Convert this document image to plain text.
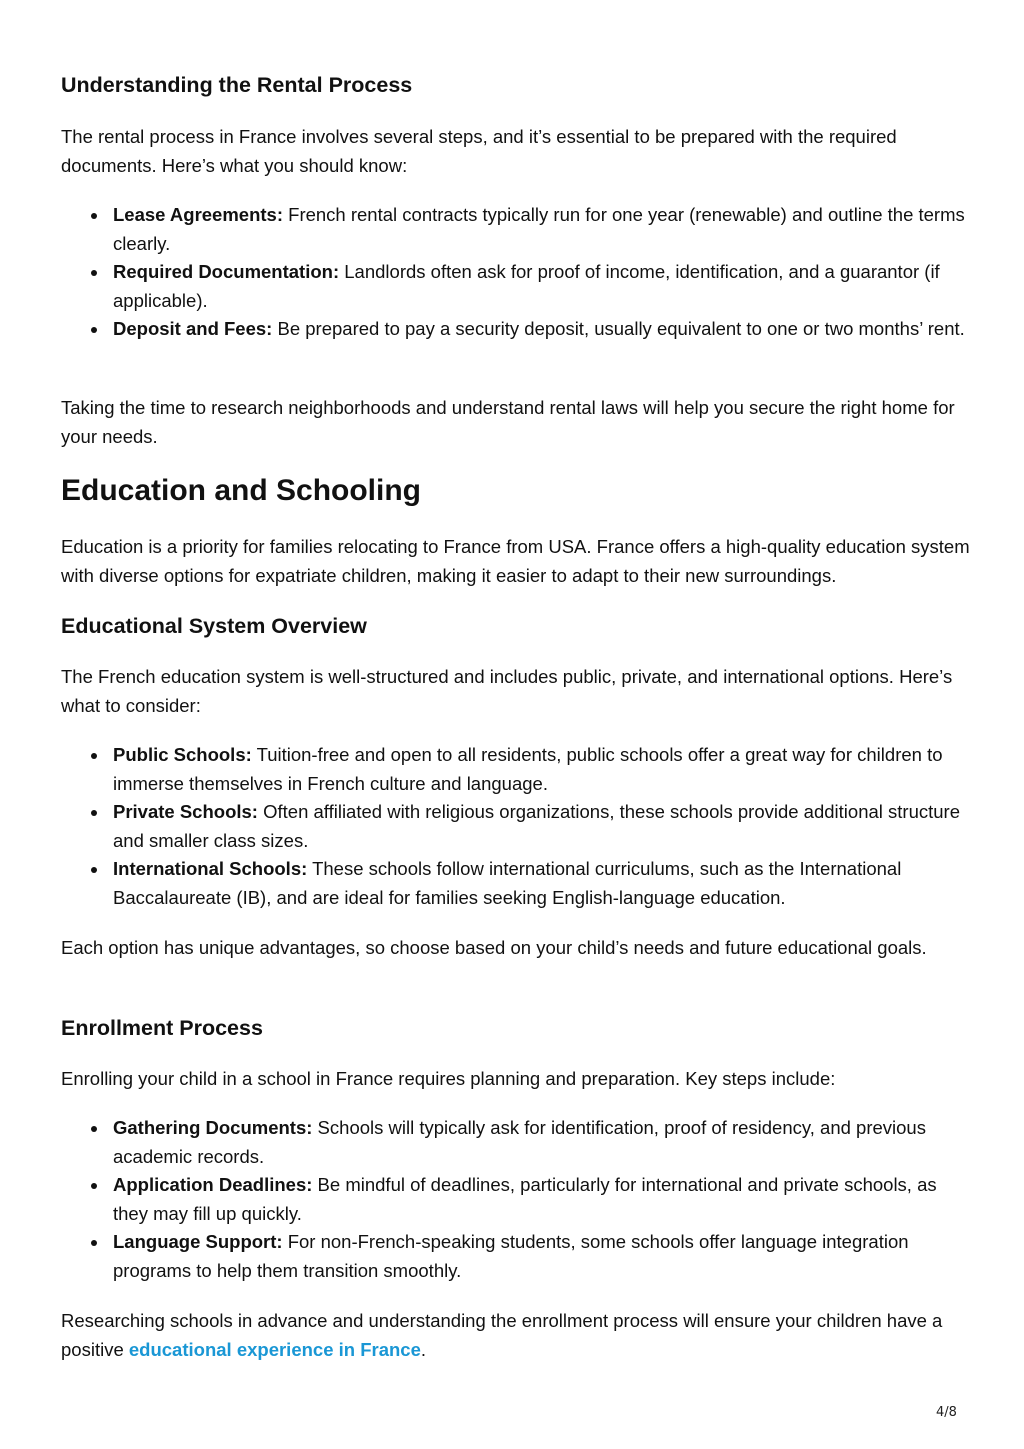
Understanding the Rental Process

The rental process in France involves several steps, and it’s essential to be prepared with the required documents. Here’s what you should know:

Lease Agreements: French rental contracts typically run for one year (renewable) and outline the terms clearly.
Required Documentation: Landlords often ask for proof of income, identification, and a guarantor (if applicable).
Deposit and Fees: Be prepared to pay a security deposit, usually equivalent to one or two months’ rent.

Taking the time to research neighborhoods and understand rental laws will help you secure the right home for your needs.

Education and Schooling

Education is a priority for families relocating to France from USA. France offers a high-quality education system with diverse options for expatriate children, making it easier to adapt to their new surroundings.

Educational System Overview

The French education system is well-structured and includes public, private, and international options. Here’s what to consider:

Public Schools: Tuition-free and open to all residents, public schools offer a great way for children to immerse themselves in French culture and language.
Private Schools: Often affiliated with religious organizations, these schools provide additional structure and smaller class sizes.
International Schools: These schools follow international curriculums, such as the International Baccalaureate (IB), and are ideal for families seeking English-language education.

Each option has unique advantages, so choose based on your child’s needs and future educational goals.

Enrollment Process

Enrolling your child in a school in France requires planning and preparation. Key steps include:

Gathering Documents: Schools will typically ask for identification, proof of residency, and previous academic records.
Application Deadlines: Be mindful of deadlines, particularly for international and private schools, as they may fill up quickly.
Language Support: For non-French-speaking students, some schools offer language integration programs to help them transition smoothly.

Researching schools in advance and understanding the enrollment process will ensure your children have a positive educational experience in France.

4/8
